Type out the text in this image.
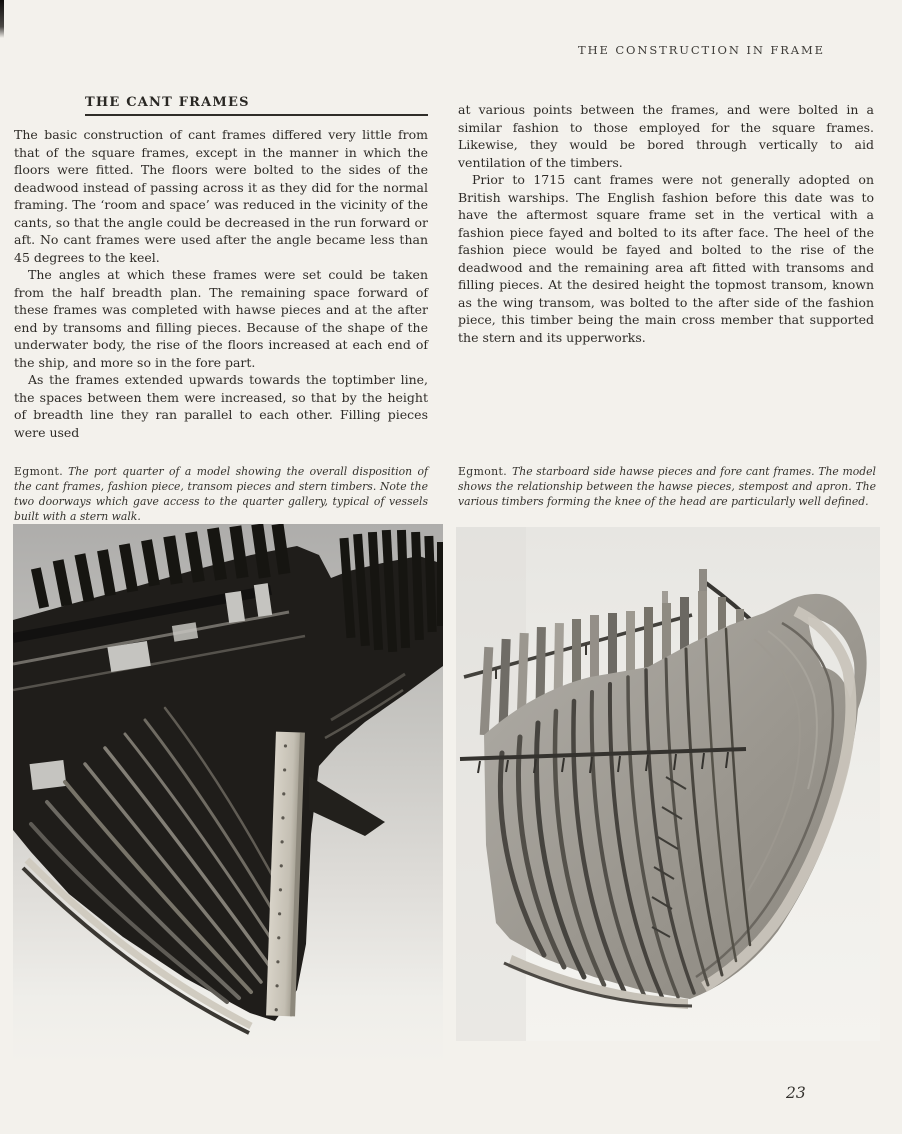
THE CONSTRUCTION IN FRAME
THE CANT FRAMES

The basic construction of cant frames differed very little from that of the square frames, except in the manner in which the floors were fitted. The floors were bolted to the sides of the deadwood instead of passing across it as they did for the normal framing. The ‘room and space’ was reduced in the vicinity of the cants, so that the angle could be decreased in the run forward or aft. No cant frames were used after the angle became less than 45 degrees to the keel.

The angles at which these frames were set could be taken from the half breadth plan. The remaining space forward of these frames was completed with hawse pieces and at the after end by transoms and filling pieces. Because of the shape of the underwater body, the rise of the floors increased at each end of the ship, and more so in the fore part.

As the frames extended upwards towards the toptimber line, the spaces between them were increased, so that by the height of breadth line they ran parallel to each other. Filling pieces were used

at various points between the frames, and were bolted in a similar fashion to those employed for the square frames. Likewise, they would be bored through vertically to aid ventilation of the timbers.

Prior to 1715 cant frames were not generally adopted on British warships. The English fashion before this date was to have the aftermost square frame set in the vertical with a fashion piece fayed and bolted to its after face. The heel of the fashion piece would be fayed and bolted to the rise of the deadwood and the remaining area aft fitted with transoms and filling pieces. At the desired height the topmost transom, known as the wing transom, was bolted to the after side of the fashion piece, this timber being the main cross member that supported the stern and its upperworks.

Egmont. The port quarter of a model showing the overall disposition of the cant frames, fashion piece, transom pieces and stern timbers. Note the two doorways which gave access to the quarter gallery, typical of vessels built with a stern walk.
Egmont. The starboard side hawse pieces and fore cant frames. The model shows the relationship between the hawse pieces, stempost and apron. The various timbers forming the knee of the head are particularly well defined.
23
